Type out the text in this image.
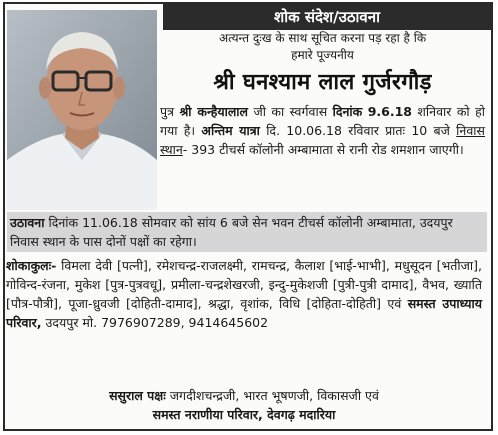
शोक संदेश/उठावना
अत्यन्त दुःख के साथ सूचित करना पड़ रहा है कि
हमारे पूज्यनीय
श्री घनश्याम लाल गुर्जरगौड़
पुत्र श्री कन्हैयालाल जी का स्वर्गवास दिनांक 9.6.18 शनिवार को हो गया है। अन्तिम यात्रा दि. 10.06.18 रविवार प्रातः 10 बजे निवास स्थान- 393 टीचर्स कॉलोनी अम्बामाता से रानी रोड शमशान जाएगी।
उठावना दिनांक 11.06.18 सोमवार को सांय 6 बजे सेन भवन टीचर्स कॉलोनी अम्बामाता, उदयपुर निवास स्थान के पास दोनों पक्षों का रहेगा।
शोकाकुलः- विमला देवी [पत्नी], रमेशचन्द्र-राजलक्ष्मी, रामचन्द्र, कैलाश [भाई-भाभी], मधुसूदन [भतीजा], गोविन्द-रंजना, मुकेश [पुत्र-पुत्रवधू], प्रमीला-चन्द्रशेखरजी, इन्दु-मुकेशजी [पुत्री-पुत्री दामाद], वैभव, ख्याति [पौत्र-पौत्री], पूजा-ध्रुवजी [दोहिती-दामाद], श्रद्धा, वृशांक, विधि [दोहिता-दोहिती] एवं समस्त उपाध्याय परिवार, उदयपुर मो. 7976907289, 9414645602
ससुराल पक्षः जगदीशचन्द्रजी, भारत भूषणजी, विकासजी एवं
समस्त नराणीया परिवार, देवगढ़ मदारिया
